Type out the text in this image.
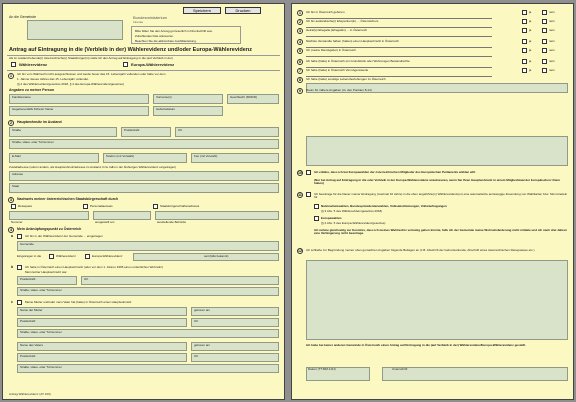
Speichern	Drucken
An die Gemeinde	Bundesministerium
Inneres
Bitte füllen Sie den Antrag gut leserlich in Druckschrift aus.
Zutreffendes bitte ankreuzen.
Beachten Sie die aktivierbare Ausfüllanleitung.
Antrag auf Eintragung in die (Verbleib in der) Wählerevidenz und/oder Europa-Wählerevidenz
Als im Ausland lebende(r) österreichische(r) Staatsbürger(in) stelle ich den Antrag auf Eintragung in die (auf Verbleib in der)
Wählerevidenz	Europa-Wählerevidenz
1	Ich bin vom Wahlrecht nicht ausgeschlossen und werde heuer das 15. Lebensjahr vollenden oder habe vor dem
1. Jänner dieses Jahres das 15. Lebensjahr vollendet.
(§ 2 des Wählerevidenzgesetzes 2018, § 4 des Europa-Wählerevidenzgesetzes)
Angaben zu meiner Person
Familienname	Vorname(n)	Geschlecht (M/W/D)
Gegebenenfalls früherer Name	Geburtsdatum
2	Hauptwohnsitz im Ausland
Straße	Postleitzahl	Ort
Straße, Haus- oder Türnummer
E-Mail	Telefon (mit Vorwahl)	Fax (mit Vorwahl)
Zustelladresse (sofern anders, als Hauptwohnsitzadresse im Ausland, bzw. falls in der bisherigen Wählerevidenz eingetragen)
Adresse
Staat
3	Nachweis meiner österreichischen Staatsbürgerschaft durch
Reisepass	Personalausweis	Staatsbürgerschaftsnachweis
Nummer	ausgestellt am	ausstellende Behörde
4	Mein Anknüpfungspunkt zu Österreich
a	Ich bin in der Wählerevidenz der Gemeinde ... eingetragen
Gemeinde
Eingetragen in die	Wählerevidenz	Europa-Wählerevidenz	seit (falls bekannt)
b	Ich hatte in Österreich einen Hauptwohnsitz (oder vor dem 1. Jänner 1995 einen ordentlichen Wohnsitz)
Mein letzter Hauptwohnsitz war
Postleitzahl	Ort
Straße, Haus- oder Türnummer
c	Meine Mutter und/oder mein Vater hat (hatte) in Österreich einen Hauptwohnsitz
Name der Mutter	geboren am
Postleitzahl	Ort
Straße, Haus- oder Türnummer
Name des Vaters	geboren am
Postleitzahl	Ort
Straße, Haus- oder Türnummer
Antrag Wählerevidenz (AT 100)
1	Ich bin in Österreich geboren	ja	nein
2	Ich bin ausländische(r) Ehepartner(in) ... Österreichers	ja	nein
3	Heirat(s) Ehegatte (Ehegattin) ... in Österreich	ja	nein
4	Nächste Verwandte haben (hatten) einen Hauptwohnsitz in Österreich	ja	nein
5	Ich (meine Dienstgeber) in Österreich	ja	nein
6	Ich habe (hatte) in Österreich ein Grundstück oder Wohnungen Bestandrechte	ja	nein
7	Ich habe (hatte) in Österreich Vermögenswerte	ja	nein
8	Ich habe (hatte) sonstige Lebensbeziehungen zu Österreich
9	Raum für nähere Angaben (zu den Punkten 8-14)
10	Ich erkläre, dass ich bei Europawahlen der österreichischen Mitglieder des Europäischen Parlaments wählen will.
(Nur bei Antrag auf Eintragung in die oder Verbleib in der Europa-Wählerevidenz anzukreuzen, wenn Sie Ihren Hauptwohnsitz in einem Mitgliedstaat der Europäischen Union haben)
11	Ich beantrage für die Dauer meiner Eintragung (maximal 10 Jahre) in die oben angeführte(n) Wählerevidenz(en) eine automatische amtswegige Zusendung von Wahlkarten bzw. Stimmzetteln für
Nationalratswahlen, Bundespräsidentenwahlen, Volksabstimmungen, Volksbefragungen
(§ 3 Abs. 5 des Wählerevidenzgesetzes 2018)
Europawahlen
(§ 4 Abs. 5 des Europa-Wählerevidenzgesetzes)
Ich nehme gleichzeitig zur Kenntnis, dass ich meines Wahlrechts verlustig gehen könnte, falls ich der Gemeinde meine Wohnsitzänderung nicht mitteile und ich nach drei Jahren eine Verlängerung nicht beantrage.
12	Ich schließe zur Begründung meiner oben gemachten Angaben folgende Beilagen an (z.B. Abschrift der Geburtsurkunde, Abschrift eines österreichischen Reisepasses etc.)
Ich habe bei keiner anderen Gemeinde in Österreich einen Antrag auf Eintragung in die (auf Verbleib in der) Wählerevidenz/Europa-Wählerevidenz gestellt.
Datum (TT.MM.JJJJ)	Unterschrift
